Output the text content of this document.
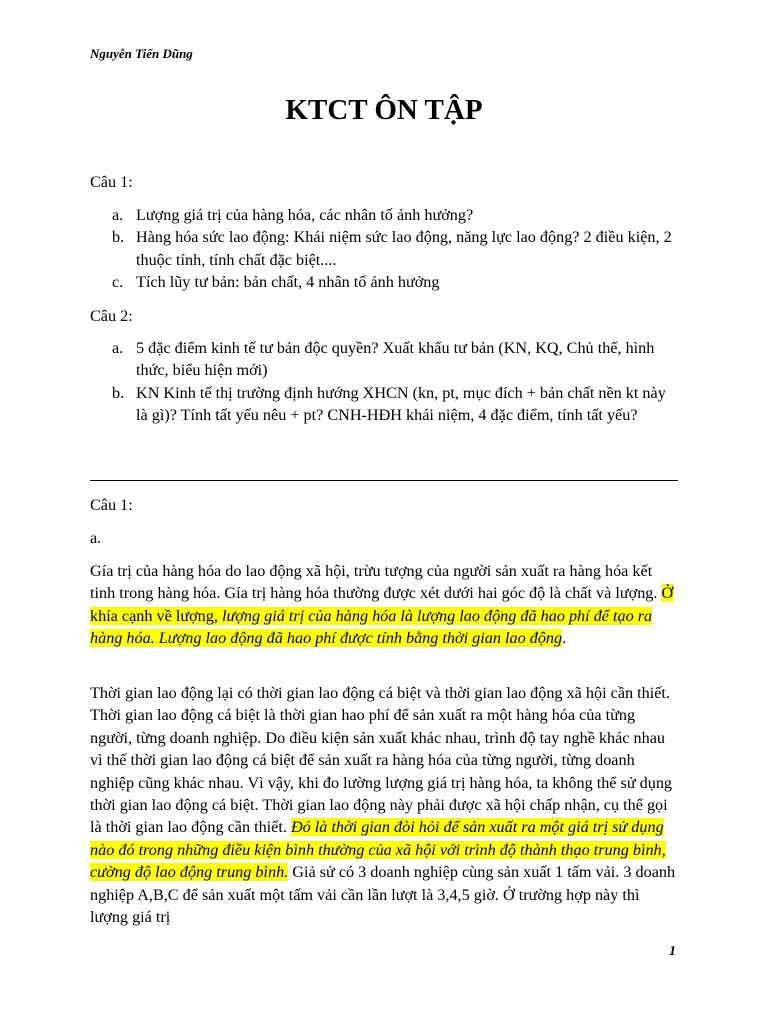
Nguyễn Tiến Dũng
KTCT ÔN TẬP
Câu 1:
a. Lượng giá trị của hàng hóa, các nhân tố ảnh hưởng?
b. Hàng hóa sức lao động: Khái niệm sức lao động, năng lực lao động? 2 điều kiện, 2 thuộc tính, tính chất đặc biệt....
c. Tích lũy tư bản: bản chất, 4 nhân tố ảnh hưởng
Câu 2:
a. 5 đặc điểm kinh tế tư bản độc quyền? Xuất khẩu tư bản (KN, KQ, Chủ thể, hình thức, biểu hiện mới)
b. KN Kinh tế thị trường định hướng XHCN (kn, pt, mục đích + bản chất nền kt này là gì)? Tính tất yếu nêu + pt? CNH-HĐH khái niệm, 4 đặc điểm, tính tất yếu?
Câu 1:
a.

Gía trị của hàng hóa do lao động xã hội, trừu tượng của người sản xuất ra hàng hóa kết tinh trong hàng hóa. Gía trị hàng hóa thường được xét dưới hai góc độ là chất và lượng. Ở khía cạnh về lượng, lượng giá trị của hàng hóa là lượng lao động đã hao phí để tạo ra hàng hóa. Lượng lao động đã hao phí được tính bằng thời gian lao động.

Thời gian lao động lại có thời gian lao động cá biệt và thời gian lao động xã hội cần thiết. Thời gian lao động cá biệt là thời gian hao phí để sản xuất ra một hàng hóa của từng người, từng doanh nghiệp. Do điều kiện sản xuất khác nhau, trình độ tay nghề khác nhau vì thế thời gian lao động cá biệt để sản xuất ra hàng hóa của từng người, từng doanh nghiệp cũng khác nhau. Vì vậy, khi đo lường lượng giá trị hàng hóa, ta không thể sử dụng thời gian lao động cá biệt. Thời gian lao động này phải được xã hội chấp nhận, cụ thể gọi là thời gian lao động cần thiết. Đó là thời gian đòi hỏi để sản xuất ra một giá trị sử dụng nào đó trong những điều kiện bình thường của xã hội với trình độ thành thạo trung bình, cường độ lao động trung bình. Giả sử có 3 doanh nghiệp cùng sản xuất 1 tấm vải. 3 doanh nghiệp A,B,C để sản xuất một tấm vải cần lần lượt là 3,4,5 giờ. Ở trường hợp này thì lượng giá trị

1
